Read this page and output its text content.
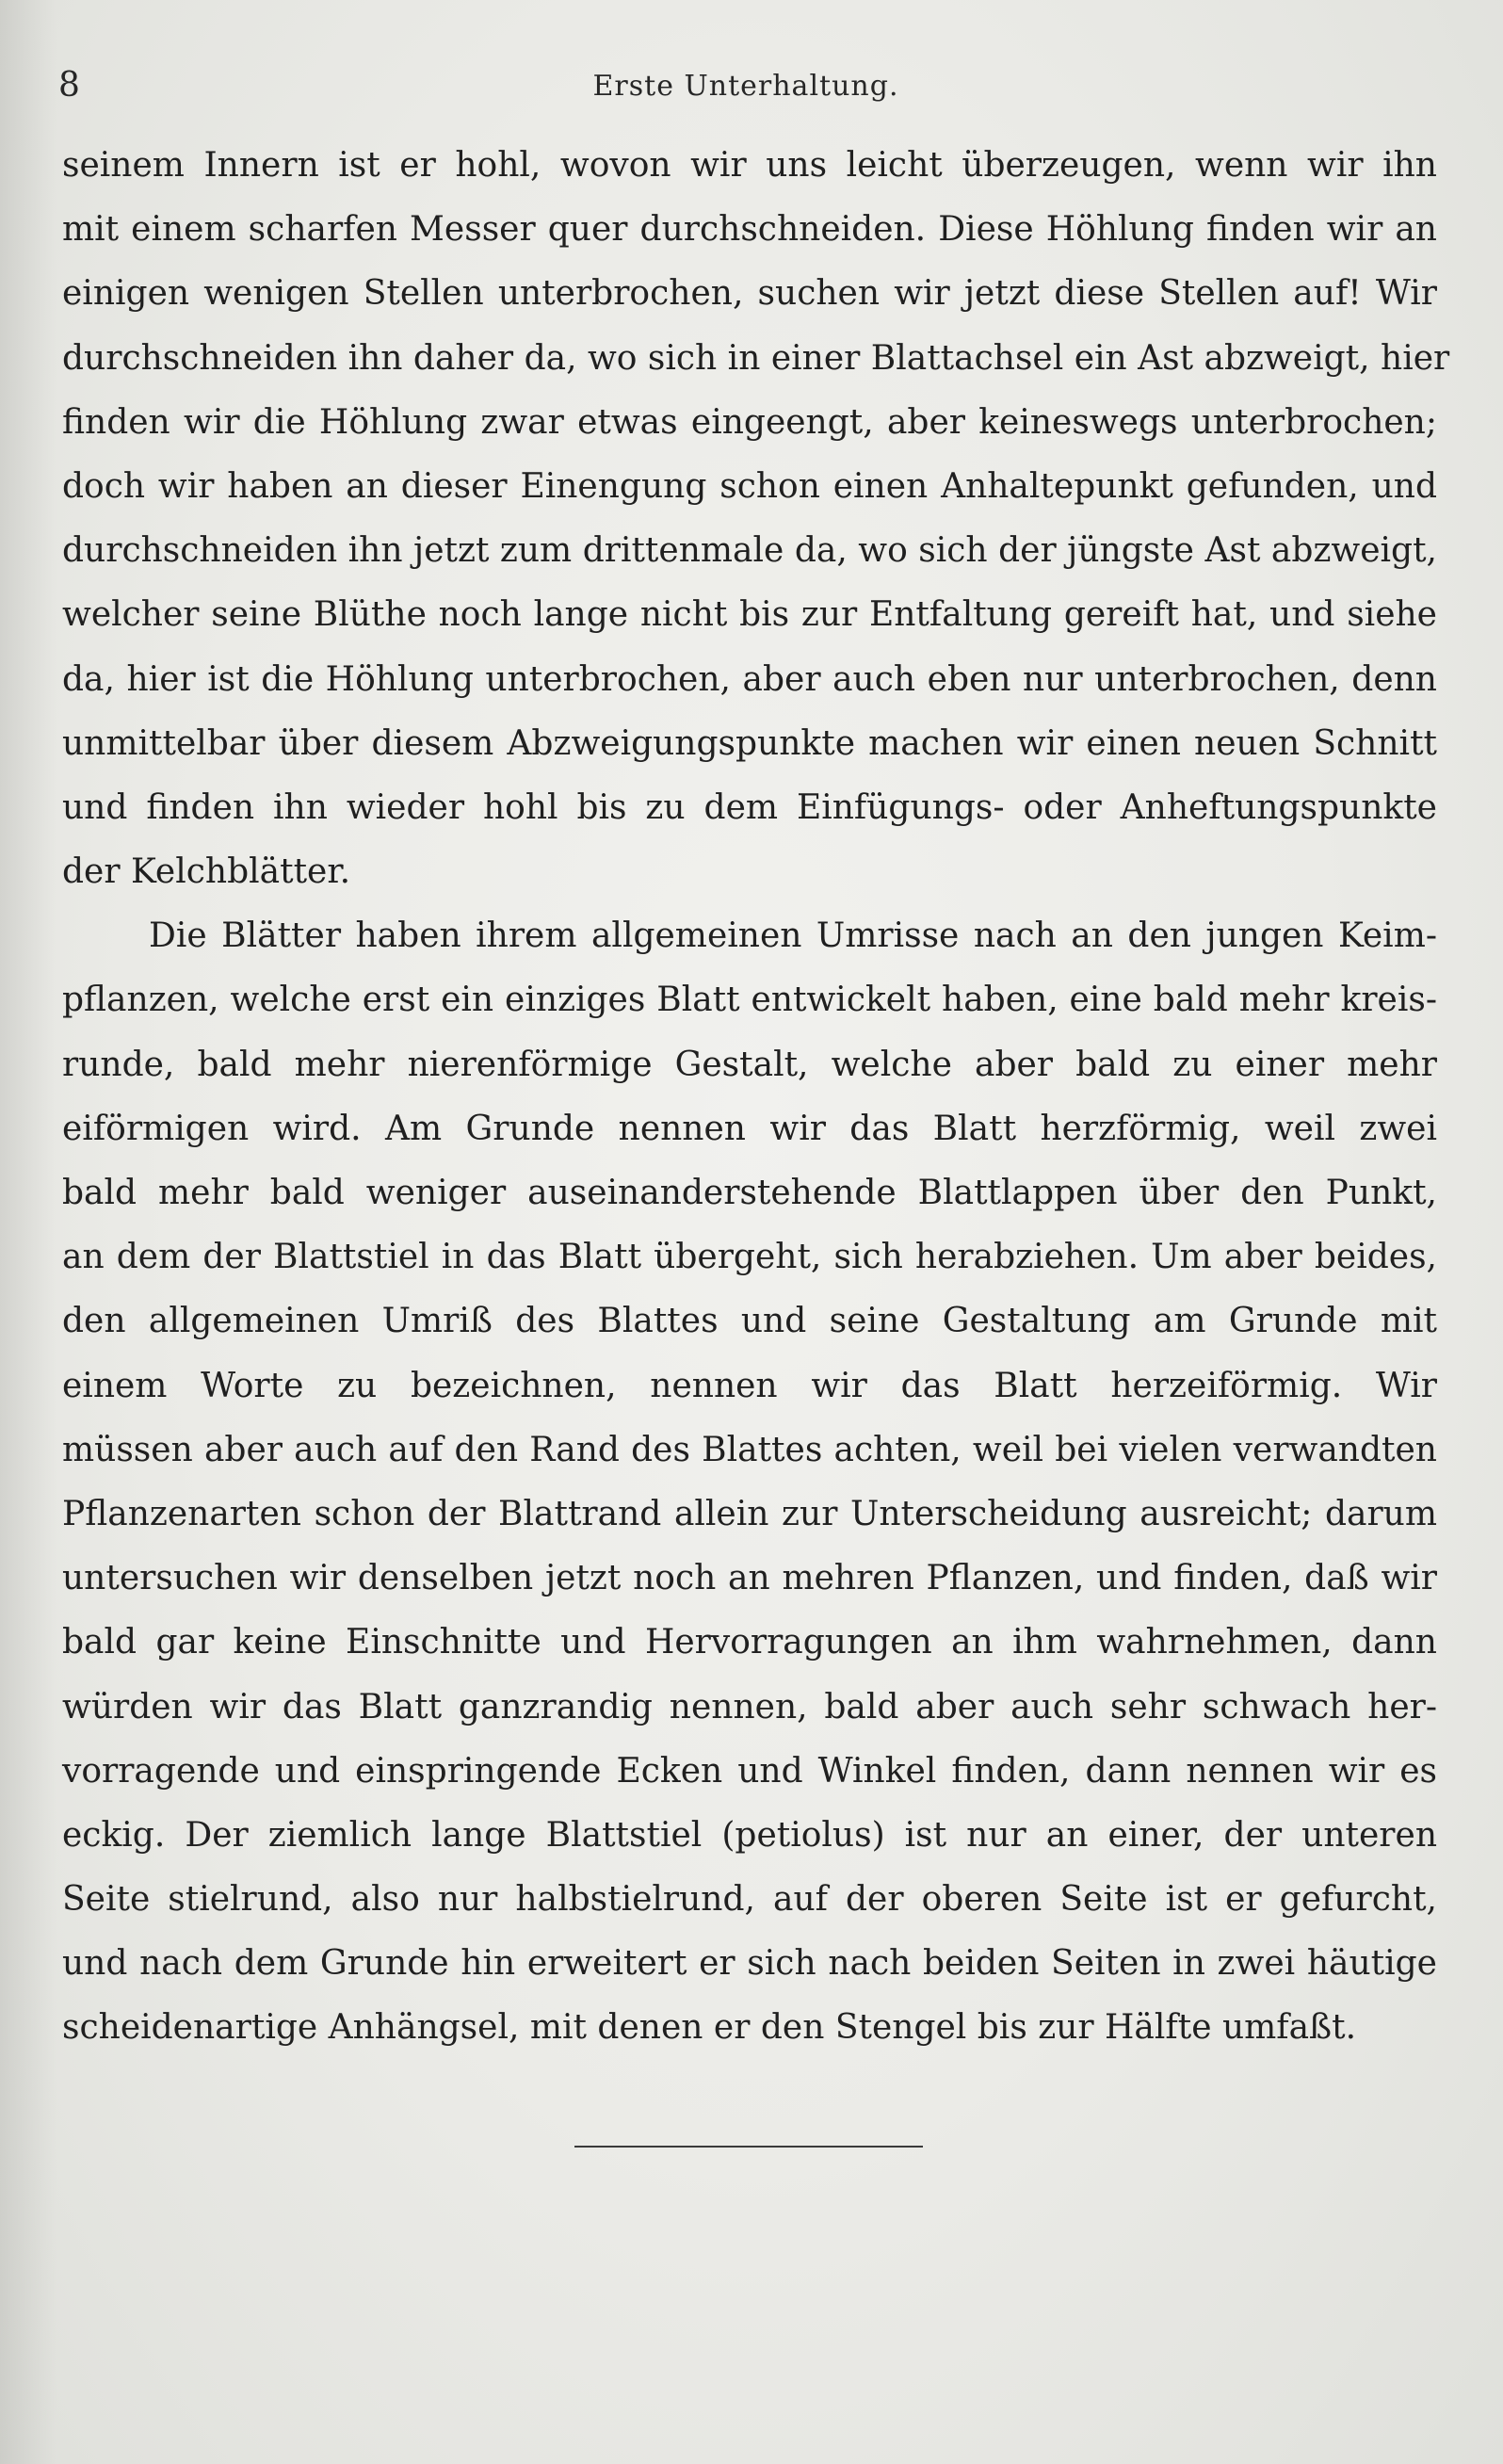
8	Erste Unterhaltung.
seinem Innern ist er hohl, wovon wir uns leicht überzeugen, wenn wir ihn
mit einem scharfen Messer quer durchschneiden. Diese Höhlung finden wir an
einigen wenigen Stellen unterbrochen, suchen wir jetzt diese Stellen auf! Wir
durchschneiden ihn daher da, wo sich in einer Blattachsel ein Ast abzweigt, hier
finden wir die Höhlung zwar etwas eingeengt, aber keineswegs unterbrochen;
doch wir haben an dieser Einengung schon einen Anhaltepunkt gefunden, und
durchschneiden ihn jetzt zum drittenmale da, wo sich der jüngste Ast abzweigt,
welcher seine Blüthe noch lange nicht bis zur Entfaltung gereift hat, und siehe
da, hier ist die Höhlung unterbrochen, aber auch eben nur unterbrochen, denn
unmittelbar über diesem Abzweigungspunkte machen wir einen neuen Schnitt
und finden ihn wieder hohl bis zu dem Einfügungs- oder Anheftungspunkte
der Kelchblätter.
Die Blätter haben ihrem allgemeinen Umrisse nach an den jungen Keim-
pflanzen, welche erst ein einziges Blatt entwickelt haben, eine bald mehr kreis-
runde, bald mehr nierenförmige Gestalt, welche aber bald zu einer mehr
eiförmigen wird. Am Grunde nennen wir das Blatt herzförmig, weil zwei
bald mehr bald weniger auseinanderstehende Blattlappen über den Punkt,
an dem der Blattstiel in das Blatt übergeht, sich herabziehen. Um aber beides,
den allgemeinen Umriß des Blattes und seine Gestaltung am Grunde mit
einem Worte zu bezeichnen, nennen wir das Blatt herzeiförmig. Wir
müssen aber auch auf den Rand des Blattes achten, weil bei vielen verwandten
Pflanzenarten schon der Blattrand allein zur Unterscheidung ausreicht; darum
untersuchen wir denselben jetzt noch an mehren Pflanzen, und finden, daß wir
bald gar keine Einschnitte und Hervorragungen an ihm wahrnehmen, dann
würden wir das Blatt ganzrandig nennen, bald aber auch sehr schwach her-
vorragende und einspringende Ecken und Winkel finden, dann nennen wir es
eckig. Der ziemlich lange Blattstiel (petiolus) ist nur an einer, der unteren
Seite stielrund, also nur halbstielrund, auf der oberen Seite ist er gefurcht,
und nach dem Grunde hin erweitert er sich nach beiden Seiten in zwei häutige
scheidenartige Anhängsel, mit denen er den Stengel bis zur Hälfte umfaßt.
